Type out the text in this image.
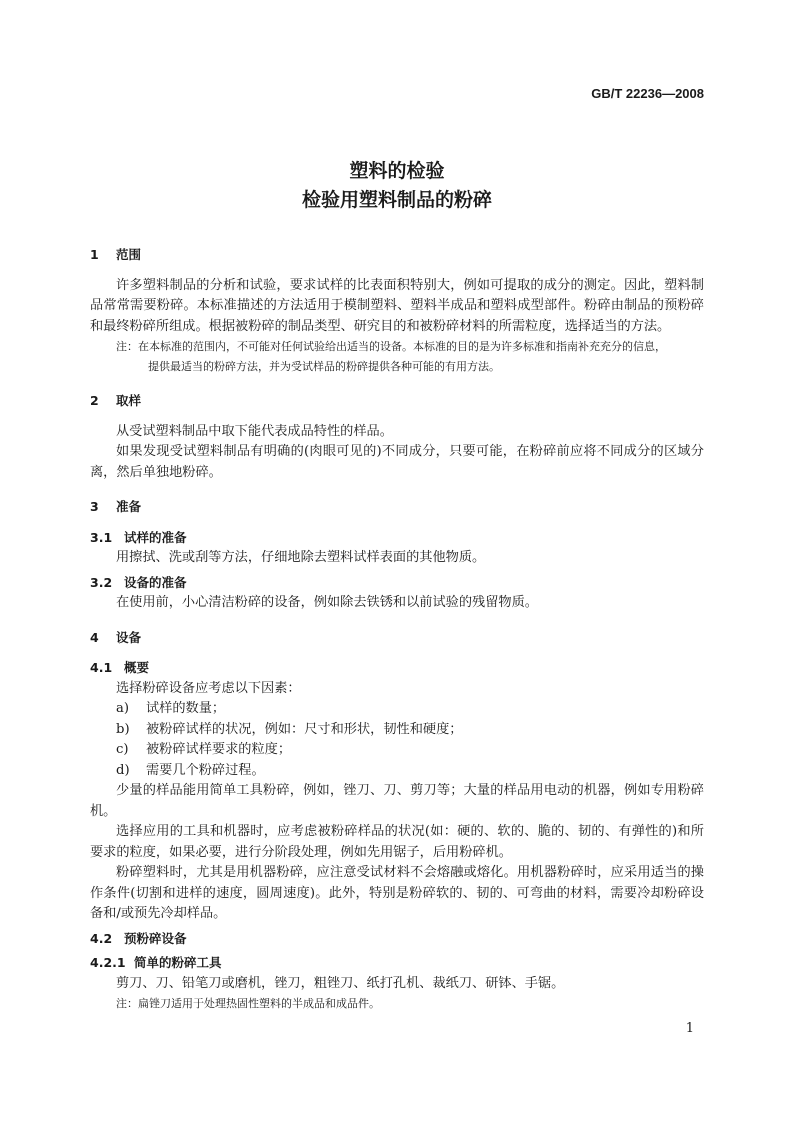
GB/T 22236—2008
塑料的检验
检验用塑料制品的粉碎
1 范围
许多塑料制品的分析和试验，要求试样的比表面积特别大，例如可提取的成分的测定。因此，塑料制品常常需要粉碎。本标准描述的方法适用于模制塑料、塑料半成品和塑料成型部件。粉碎由制品的预粉碎和最终粉碎所组成。根据被粉碎的制品类型、研究目的和被粉碎材料的所需粒度，选择适当的方法。
注：在本标准的范围内，不可能对任何试验给出适当的设备。本标准的目的是为许多标准和指南补充充分的信息，
提供最适当的粉碎方法，并为受试样品的粉碎提供各种可能的有用方法。
2 取样
从受试塑料制品中取下能代表成品特性的样品。
如果发现受试塑料制品有明确的(肉眼可见的)不同成分，只要可能，在粉碎前应将不同成分的区域分离，然后单独地粉碎。
3 准备
3.1 试样的准备
用擦拭、洗或刮等方法，仔细地除去塑料试样表面的其他物质。
3.2 设备的准备
在使用前，小心清洁粉碎的设备，例如除去铁锈和以前试验的残留物质。
4 设备
4.1 概要
选择粉碎设备应考虑以下因素：
a) 试样的数量；
b) 被粉碎试样的状况，例如：尺寸和形状，韧性和硬度；
c) 被粉碎试样要求的粒度；
d) 需要几个粉碎过程。
少量的样品能用简单工具粉碎，例如，锉刀、刀、剪刀等；大量的样品用电动的机器，例如专用粉碎机。
选择应用的工具和机器时，应考虑被粉碎样品的状况(如：硬的、软的、脆的、韧的、有弹性的)和所要求的粒度，如果必要，进行分阶段处理，例如先用锯子，后用粉碎机。
粉碎塑料时，尤其是用机器粉碎，应注意受试材料不会熔融或熔化。用机器粉碎时，应采用适当的操作条件(切割和进样的速度，圆周速度)。此外，特别是粉碎软的、韧的、可弯曲的材料，需要冷却粉碎设备和/或预先冷却样品。
4.2 预粉碎设备
4.2.1 简单的粉碎工具
剪刀、刀、铅笔刀或磨机，锉刀，粗锉刀、纸打孔机、裁纸刀、研钵、手锯。
注：扁锉刀适用于处理热固性塑料的半成品和成品件。
1
